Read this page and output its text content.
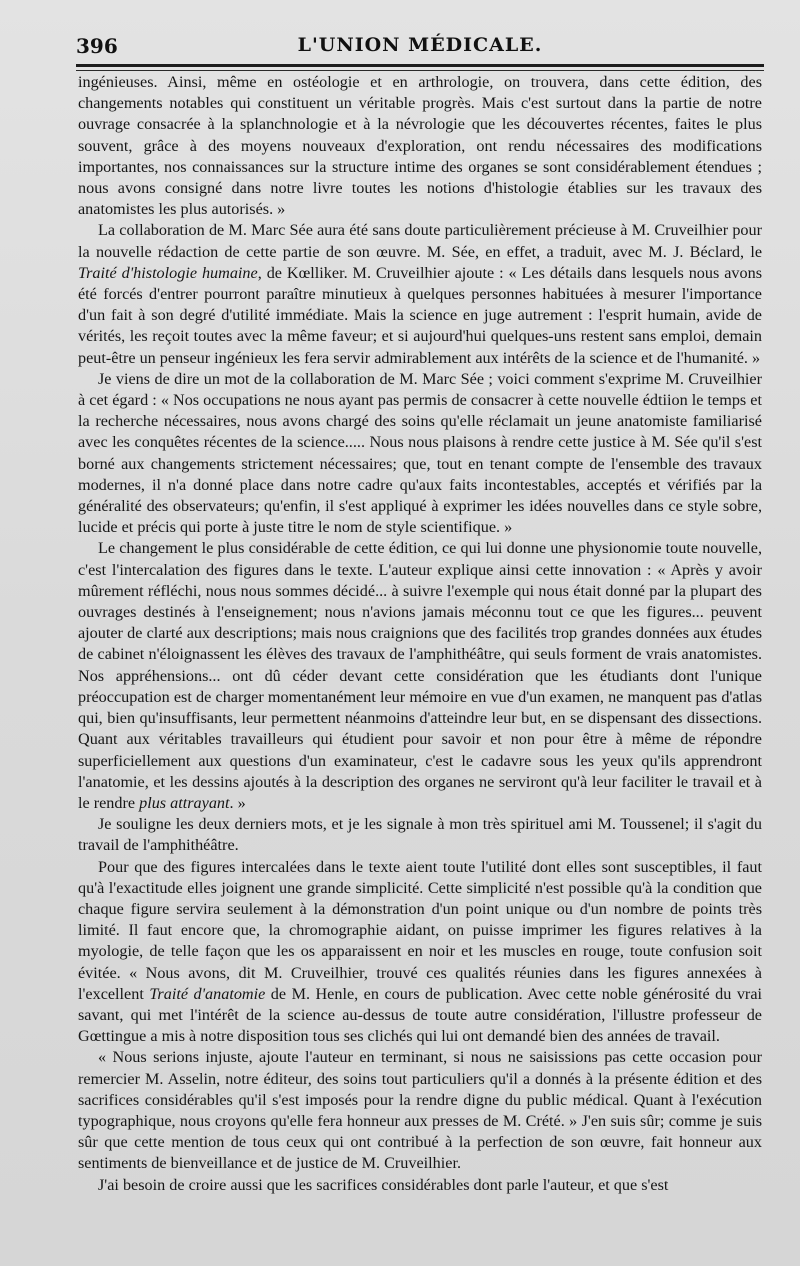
396	L'UNION MÉDICALE.

ingénieuses. Ainsi, même en ostéologie et en arthrologie, on trouvera, dans cette édition, des changements notables qui constituent un véritable progrès. Mais c'est surtout dans la partie de notre ouvrage consacrée à la splanchnologie et à la névrologie que les découvertes récentes, faites le plus souvent, grâce à des moyens nouveaux d'exploration, ont rendu nécessaires des modifications importantes, nos connaissances sur la structure intime des organes se sont considérablement étendues ; nous avons consigné dans notre livre toutes les notions d'histologie établies sur les travaux des anatomistes les plus autorisés. »

La collaboration de M. Marc Sée aura été sans doute particulièrement précieuse à M. Cruveilhier pour la nouvelle rédaction de cette partie de son œuvre. M. Sée, en effet, a traduit, avec M. J. Béclard, le Traité d'histologie humaine, de Kœlliker. M. Cruveilhier ajoute : « Les détails dans lesquels nous avons été forcés d'entrer pourront paraître minutieux à quelques personnes habituées à mesurer l'importance d'un fait à son degré d'utilité immédiate. Mais la science en juge autrement : l'esprit humain, avide de vérités, les reçoit toutes avec la même faveur; et si aujourd'hui quelques-uns restent sans emploi, demain peut-être un penseur ingénieux les fera servir admirablement aux intérêts de la science et de l'humanité. »

Je viens de dire un mot de la collaboration de M. Marc Sée ; voici comment s'exprime M. Cruveilhier à cet égard : « Nos occupations ne nous ayant pas permis de consacrer à cette nouvelle édtiion le temps et la recherche nécessaires, nous avons chargé des soins qu'elle réclamait un jeune anatomiste familiarisé avec les conquêtes récentes de la science..... Nous nous plaisons à rendre cette justice à M. Sée qu'il s'est borné aux changements strictement nécessaires; que, tout en tenant compte de l'ensemble des travaux modernes, il n'a donné place dans notre cadre qu'aux faits incontestables, acceptés et vérifiés par la généralité des observateurs; qu'enfin, il s'est appliqué à exprimer les idées nouvelles dans ce style sobre, lucide et précis qui porte à juste titre le nom de style scientifique. »

Le changement le plus considérable de cette édition, ce qui lui donne une physionomie toute nouvelle, c'est l'intercalation des figures dans le texte. L'auteur explique ainsi cette innovation : « Après y avoir mûrement réfléchi, nous nous sommes décidé... à suivre l'exemple qui nous était donné par la plupart des ouvrages destinés à l'enseignement; nous n'avions jamais méconnu tout ce que les figures... peuvent ajouter de clarté aux descriptions; mais nous craignions que des facilités trop grandes données aux études de cabinet n'éloignassent les élèves des travaux de l'amphithéâtre, qui seuls forment de vrais anatomistes. Nos appréhensions... ont dû céder devant cette considération que les étudiants dont l'unique préoccupation est de charger momentanément leur mémoire en vue d'un examen, ne manquent pas d'atlas qui, bien qu'insuffisants, leur permettent néanmoins d'atteindre leur but, en se dispensant des dissections. Quant aux véritables travailleurs qui étudient pour savoir et non pour être à même de répondre superficiellement aux questions d'un examinateur, c'est le cadavre sous les yeux qu'ils apprendront l'anatomie, et les dessins ajoutés à la description des organes ne serviront qu'à leur faciliter le travail et à le rendre plus attrayant. »

Je souligne les deux derniers mots, et je les signale à mon très spirituel ami M. Toussenel; il s'agit du travail de l'amphithéâtre.

Pour que des figures intercalées dans le texte aient toute l'utilité dont elles sont susceptibles, il faut qu'à l'exactitude elles joignent une grande simplicité. Cette simplicité n'est possible qu'à la condition que chaque figure servira seulement à la démonstration d'un point unique ou d'un nombre de points très limité. Il faut encore que, la chromographie aidant, on puisse imprimer les figures relatives à la myologie, de telle façon que les os apparaissent en noir et les muscles en rouge, toute confusion soit évitée. « Nous avons, dit M. Cruveilhier, trouvé ces qualités réunies dans les figures annexées à l'excellent Traité d'anatomie de M. Henle, en cours de publication. Avec cette noble générosité du vrai savant, qui met l'intérêt de la science au-dessus de toute autre considération, l'illustre professeur de Gœttingue a mis à notre disposition tous ses clichés qui lui ont demandé bien des années de travail.

« Nous serions injuste, ajoute l'auteur en terminant, si nous ne saisissions pas cette occasion pour remercier M. Asselin, notre éditeur, des soins tout particuliers qu'il a donnés à la présente édition et des sacrifices considérables qu'il s'est imposés pour la rendre digne du public médical. Quant à l'exécution typographique, nous croyons qu'elle fera honneur aux presses de M. Crété. » J'en suis sûr; comme je suis sûr que cette mention de tous ceux qui ont contribué à la perfection de son œuvre, fait honneur aux sentiments de bienveillance et de justice de M. Cruveilhier.

J'ai besoin de croire aussi que les sacrifices considérables dont parle l'auteur, et que s'est
